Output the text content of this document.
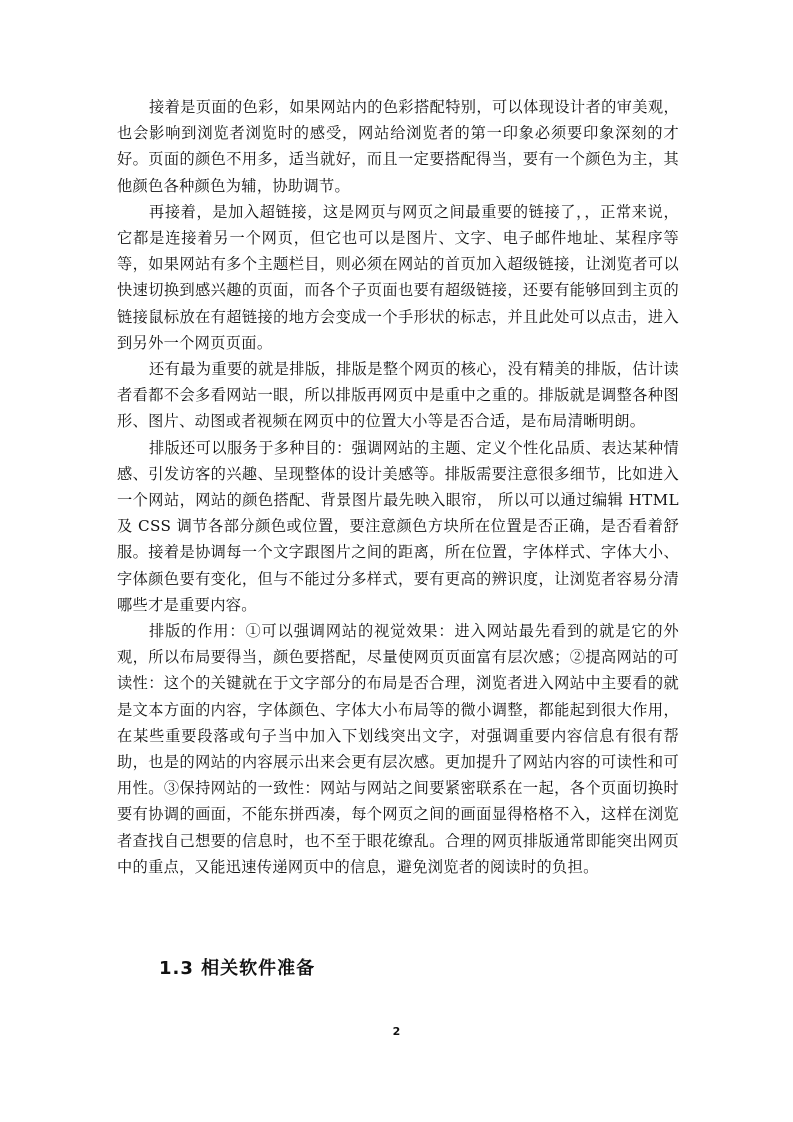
接着是页面的色彩，如果网站内的色彩搭配特别，可以体现设计者的审美观，也会影响到浏览者浏览时的感受，网站给浏览者的第一印象必须要印象深刻的才好。页面的颜色不用多，适当就好，而且一定要搭配得当，要有一个颜色为主，其他颜色各种颜色为辅，协助调节。

再接着，是加入超链接，这是网页与网页之间最重要的链接了，，正常来说，它都是连接着另一个网页，但它也可以是图片、文字、电子邮件地址、某程序等等，如果网站有多个主题栏目，则必须在网站的首页加入超级链接，让浏览者可以快速切换到感兴趣的页面，而各个子页面也要有超级链接，还要有能够回到主页的链接鼠标放在有超链接的地方会变成一个手形状的标志，并且此处可以点击，进入到另外一个网页页面。

还有最为重要的就是排版，排版是整个网页的核心，没有精美的排版，估计读者看都不会多看网站一眼，所以排版再网页中是重中之重的。排版就是调整各种图形、图片、动图或者视频在网页中的位置大小等是否合适，是布局清晰明朗。

排版还可以服务于多种目的：强调网站的主题、定义个性化品质、表达某种情感、引发访客的兴趣、呈现整体的设计美感等。排版需要注意很多细节，比如进入一个网站，网站的颜色搭配、背景图片最先映入眼帘， 所以可以通过编辑 HTML 及 CSS 调节各部分颜色或位置，要注意颜色方块所在位置是否正确，是否看着舒服。接着是协调每一个文字跟图片之间的距离，所在位置，字体样式、字体大小、字体颜色要有变化，但与不能过分多样式，要有更高的辨识度，让浏览者容易分清哪些才是重要内容。

排版的作用：①可以强调网站的视觉效果：进入网站最先看到的就是它的外观，所以布局要得当，颜色要搭配，尽量使网页页面富有层次感；②提高网站的可读性：这个的关键就在于文字部分的布局是否合理，浏览者进入网站中主要看的就是文本方面的内容，字体颜色、字体大小布局等的微小调整，都能起到很大作用，在某些重要段落或句子当中加入下划线突出文字，对强调重要内容信息有很有帮助，也是的网站的内容展示出来会更有层次感。更加提升了网站内容的可读性和可用性。③保持网站的一致性：网站与网站之间要紧密联系在一起，各个页面切换时要有协调的画面，不能东拼西凑，每个网页之间的画面显得格格不入，这样在浏览者查找自己想要的信息时，也不至于眼花缭乱。合理的网页排版通常即能突出网页中的重点，又能迅速传递网页中的信息，避免浏览者的阅读时的负担。

1.3 相关软件准备
2
